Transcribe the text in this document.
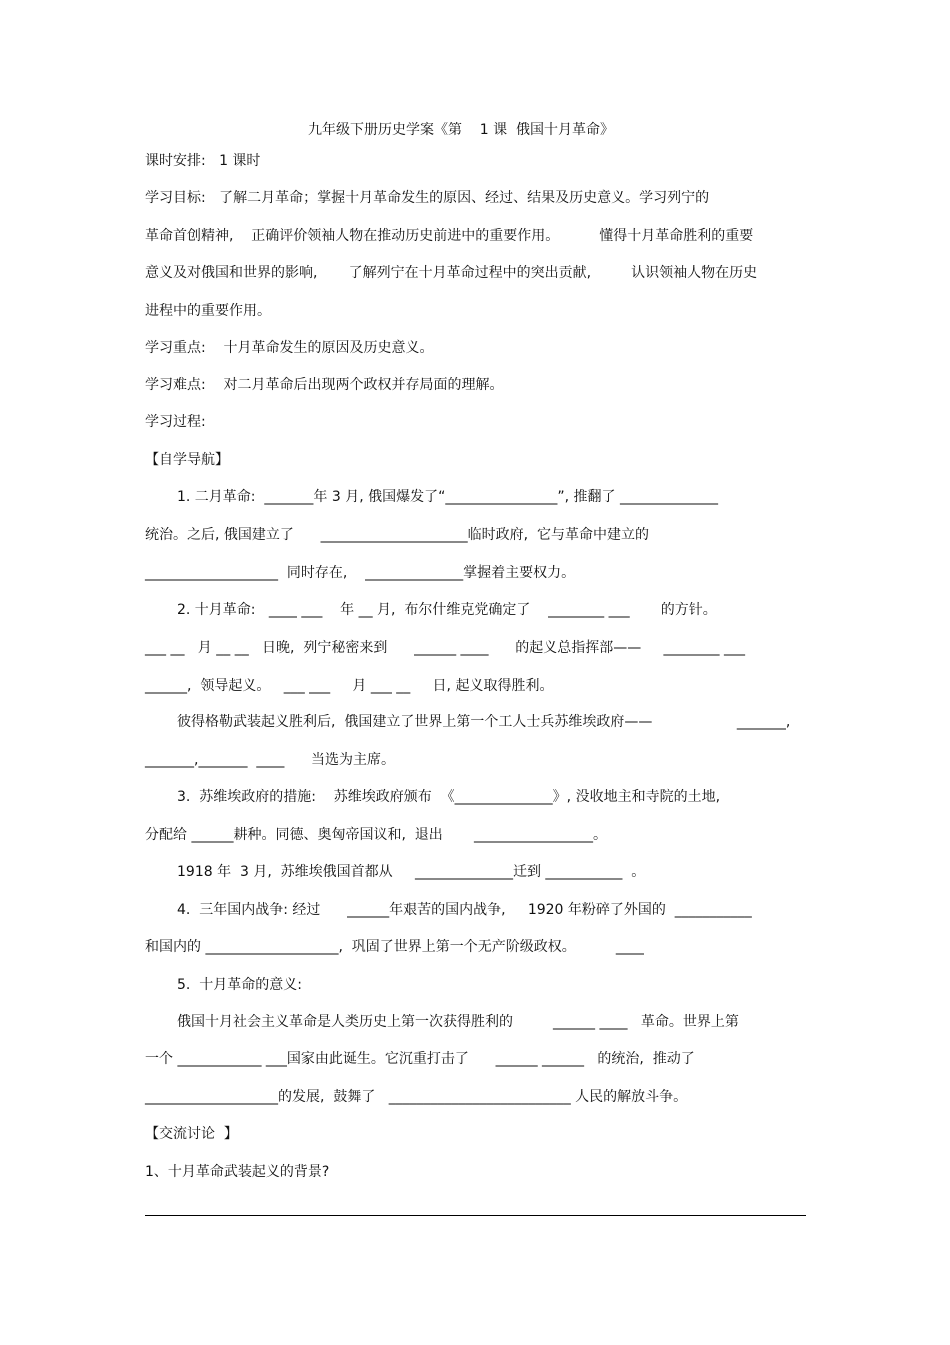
九年级下册历史学案《第    1 课  俄国十月革命》
课时安排:   1 课时
学习目标:   了解二月革命；掌握十月革命发生的原因、经过、结果及历史意义。学习列宁的
革命首创精神,    正确评价领袖人物在推动历史前进中的重要作用。         懂得十月革命胜利的重要
意义及对俄国和世界的影响,       了解列宁在十月革命过程中的突出贡献,         认识领袖人物在历史
进程中的重要作用。
学习重点:    十月革命发生的原因及历史意义。
学习难点:    对二月革命后出现两个政权并存局面的理解。
学习过程:
【自学导航】
1. 二月革命:  _______年 3 月, 俄国爆发了“________________”, 推翻了 ______________
统治。之后, 俄国建立了      _____________________临时政府,  它与革命中建立的
___________________  同时存在,    ______________掌握着主要权力。
2. 十月革命:   ____ ___    年 __ 月,  布尔什维克党确定了    ________ ___       的方针。
___ __   月 __ __   日晚,  列宁秘密来到      ______ ____      的起义总指挥部——     ________ ___
______,  领导起义。   ___ ___     月 ___ __     日, 起义取得胜利。
彼得格勒武装起义胜利后,  俄国建立了世界上第一个工人士兵苏维埃政府——                   _______,
_______,_______  ____      当选为主席。
3.  苏维埃政府的措施:    苏维埃政府颁布  《______________》, 没收地主和寺院的土地,
分配给 ______耕种。同德、奥匈帝国议和,  退出       _________________。
1918 年  3 月,  苏维埃俄国首都从     ______________迁到 ___________  。
4.  三年国内战争: 经过      ______年艰苦的国内战争,     1920 年粉碎了外国的  ___________
和国内的 ___________________,  巩固了世界上第一个无产阶级政权。         ____
5.  十月革命的意义:
俄国十月社会主义革命是人类历史上第一次获得胜利的         ______ ____   革命。世界上第
一个 ____________ ___国家由此诞生。它沉重打击了      ______ ______   的统治,  推动了
___________________的发展,  鼓舞了   __________________________ 人民的解放斗争。
【交流讨论  】
1、十月革命武装起义的背景?
